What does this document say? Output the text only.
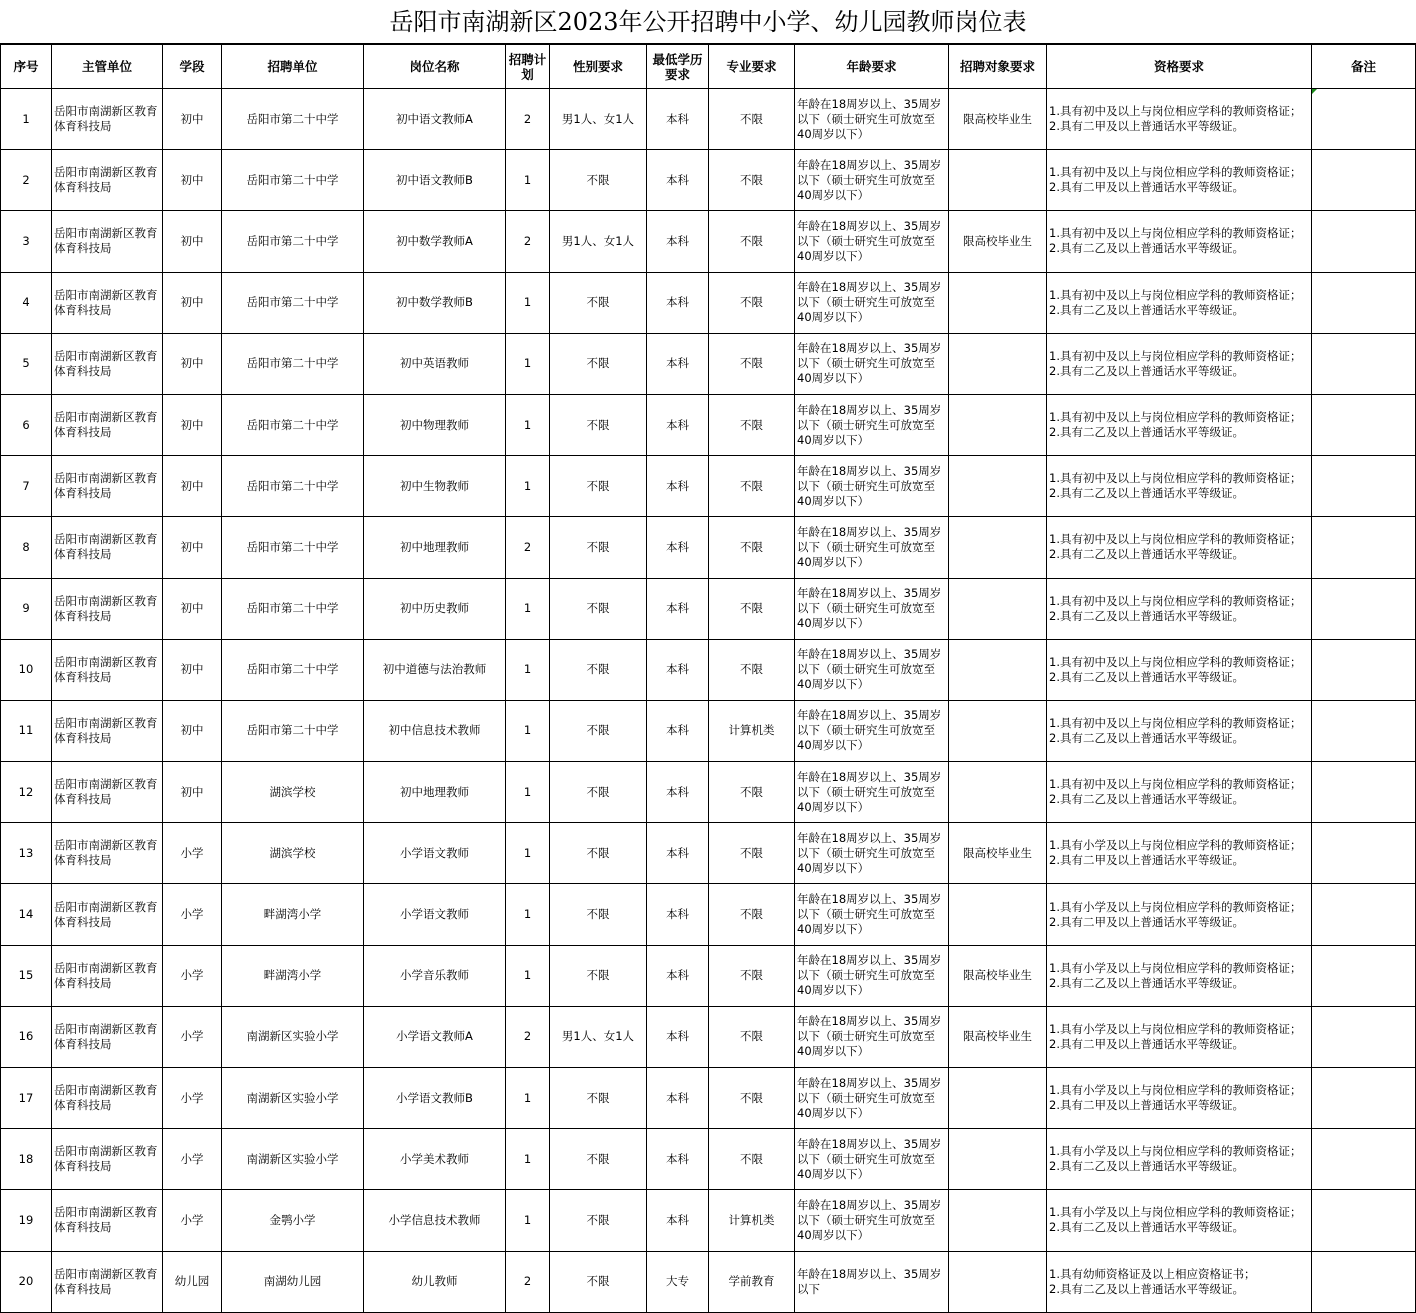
岳阳市南湖新区2023年公开招聘中小学、幼儿园教师岗位表
序号	主管单位	学段	招聘单位	岗位名称	招聘计划	性别要求	最低学历要求	专业要求	年龄要求	招聘对象要求	资格要求	备注
1	岳阳市南湖新区教育体育科技局	初中	岳阳市第二十中学	初中语文教师A	2	男1人、女1人	本科	不限	年龄在18周岁以上、35周岁以下（硕士研究生可放宽至40周岁以下）	限高校毕业生	1.具有初中及以上与岗位相应学科的教师资格证；
2.具有二甲及以上普通话水平等级证。	

2	岳阳市南湖新区教育体育科技局	初中	岳阳市第二十中学	初中语文教师B	1	不限	本科	不限	年龄在18周岁以上、35周岁以下（硕士研究生可放宽至40周岁以下）		1.具有初中及以上与岗位相应学科的教师资格证；
2.具有二甲及以上普通话水平等级证。	

3	岳阳市南湖新区教育体育科技局	初中	岳阳市第二十中学	初中数学教师A	2	男1人、女1人	本科	不限	年龄在18周岁以上、35周岁以下（硕士研究生可放宽至40周岁以下）	限高校毕业生	1.具有初中及以上与岗位相应学科的教师资格证；
2.具有二乙及以上普通话水平等级证。	

4	岳阳市南湖新区教育体育科技局	初中	岳阳市第二十中学	初中数学教师B	1	不限	本科	不限	年龄在18周岁以上、35周岁以下（硕士研究生可放宽至40周岁以下）		1.具有初中及以上与岗位相应学科的教师资格证；
2.具有二乙及以上普通话水平等级证。	

5	岳阳市南湖新区教育体育科技局	初中	岳阳市第二十中学	初中英语教师	1	不限	本科	不限	年龄在18周岁以上、35周岁以下（硕士研究生可放宽至40周岁以下）		1.具有初中及以上与岗位相应学科的教师资格证；
2.具有二乙及以上普通话水平等级证。	

6	岳阳市南湖新区教育体育科技局	初中	岳阳市第二十中学	初中物理教师	1	不限	本科	不限	年龄在18周岁以上、35周岁以下（硕士研究生可放宽至40周岁以下）		1.具有初中及以上与岗位相应学科的教师资格证；
2.具有二乙及以上普通话水平等级证。	

7	岳阳市南湖新区教育体育科技局	初中	岳阳市第二十中学	初中生物教师	1	不限	本科	不限	年龄在18周岁以上、35周岁以下（硕士研究生可放宽至40周岁以下）		1.具有初中及以上与岗位相应学科的教师资格证；
2.具有二乙及以上普通话水平等级证。	

8	岳阳市南湖新区教育体育科技局	初中	岳阳市第二十中学	初中地理教师	2	不限	本科	不限	年龄在18周岁以上、35周岁以下（硕士研究生可放宽至40周岁以下）		1.具有初中及以上与岗位相应学科的教师资格证；
2.具有二乙及以上普通话水平等级证。	

9	岳阳市南湖新区教育体育科技局	初中	岳阳市第二十中学	初中历史教师	1	不限	本科	不限	年龄在18周岁以上、35周岁以下（硕士研究生可放宽至40周岁以下）		1.具有初中及以上与岗位相应学科的教师资格证；
2.具有二乙及以上普通话水平等级证。	

10	岳阳市南湖新区教育体育科技局	初中	岳阳市第二十中学	初中道德与法治教师	1	不限	本科	不限	年龄在18周岁以上、35周岁以下（硕士研究生可放宽至40周岁以下）		1.具有初中及以上与岗位相应学科的教师资格证；
2.具有二乙及以上普通话水平等级证。	

11	岳阳市南湖新区教育体育科技局	初中	岳阳市第二十中学	初中信息技术教师	1	不限	本科	计算机类	年龄在18周岁以上、35周岁以下（硕士研究生可放宽至40周岁以下）		1.具有初中及以上与岗位相应学科的教师资格证；
2.具有二乙及以上普通话水平等级证。	

12	岳阳市南湖新区教育体育科技局	初中	湖滨学校	初中地理教师	1	不限	本科	不限	年龄在18周岁以上、35周岁以下（硕士研究生可放宽至40周岁以下）		1.具有初中及以上与岗位相应学科的教师资格证；
2.具有二乙及以上普通话水平等级证。	

13	岳阳市南湖新区教育体育科技局	小学	湖滨学校	小学语文教师	1	不限	本科	不限	年龄在18周岁以上、35周岁以下（硕士研究生可放宽至40周岁以下）	限高校毕业生	1.具有小学及以上与岗位相应学科的教师资格证；
2.具有二甲及以上普通话水平等级证。	

14	岳阳市南湖新区教育体育科技局	小学	畔湖湾小学	小学语文教师	1	不限	本科	不限	年龄在18周岁以上、35周岁以下（硕士研究生可放宽至40周岁以下）		1.具有小学及以上与岗位相应学科的教师资格证；
2.具有二甲及以上普通话水平等级证。	

15	岳阳市南湖新区教育体育科技局	小学	畔湖湾小学	小学音乐教师	1	不限	本科	不限	年龄在18周岁以上、35周岁以下（硕士研究生可放宽至40周岁以下）	限高校毕业生	1.具有小学及以上与岗位相应学科的教师资格证；
2.具有二乙及以上普通话水平等级证。	

16	岳阳市南湖新区教育体育科技局	小学	南湖新区实验小学	小学语文教师A	2	男1人、女1人	本科	不限	年龄在18周岁以上、35周岁以下（硕士研究生可放宽至40周岁以下）	限高校毕业生	1.具有小学及以上与岗位相应学科的教师资格证；
2.具有二甲及以上普通话水平等级证。	

17	岳阳市南湖新区教育体育科技局	小学	南湖新区实验小学	小学语文教师B	1	不限	本科	不限	年龄在18周岁以上、35周岁以下（硕士研究生可放宽至40周岁以下）		1.具有小学及以上与岗位相应学科的教师资格证；
2.具有二甲及以上普通话水平等级证。	

18	岳阳市南湖新区教育体育科技局	小学	南湖新区实验小学	小学美术教师	1	不限	本科	不限	年龄在18周岁以上、35周岁以下（硕士研究生可放宽至40周岁以下）		1.具有小学及以上与岗位相应学科的教师资格证；
2.具有二乙及以上普通话水平等级证。	

19	岳阳市南湖新区教育体育科技局	小学	金鹗小学	小学信息技术教师	1	不限	本科	计算机类	年龄在18周岁以上、35周岁以下（硕士研究生可放宽至40周岁以下）		1.具有小学及以上与岗位相应学科的教师资格证；
2.具有二乙及以上普通话水平等级证。	

20	岳阳市南湖新区教育体育科技局	幼儿园	南湖幼儿园	幼儿教师	2	不限	大专	学前教育	年龄在18周岁以上、35周岁以下		1.具有幼师资格证及以上相应资格证书；
2.具有二乙及以上普通话水平等级证。	
